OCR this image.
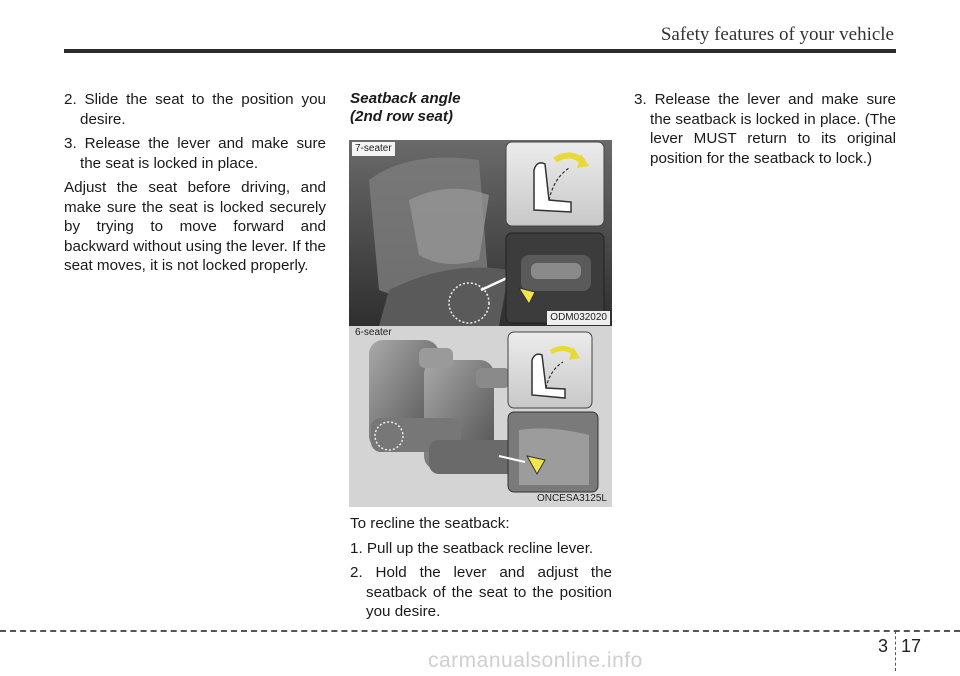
Safety features of your vehicle

2. Slide the seat to the position you desire.

3. Release the lever and make sure the seat is locked in place.

Adjust the seat before driving, and make sure the seat is locked securely by trying to move forward and backward without using the lever. If the seat moves, it is not locked properly.

Seatback angle
(2nd row seat)

7-seater
ODM032020
6-seater
ONCESA3125L

To recline the seatback:

1. Pull up the seatback recline lever.

2. Hold the lever and adjust the seatback of the seat to the position you desire.

3. Release the lever and make sure the seatback is locked in place. (The lever MUST return to its original position for the seatback to lock.)

3 17
carmanualsonline.info
